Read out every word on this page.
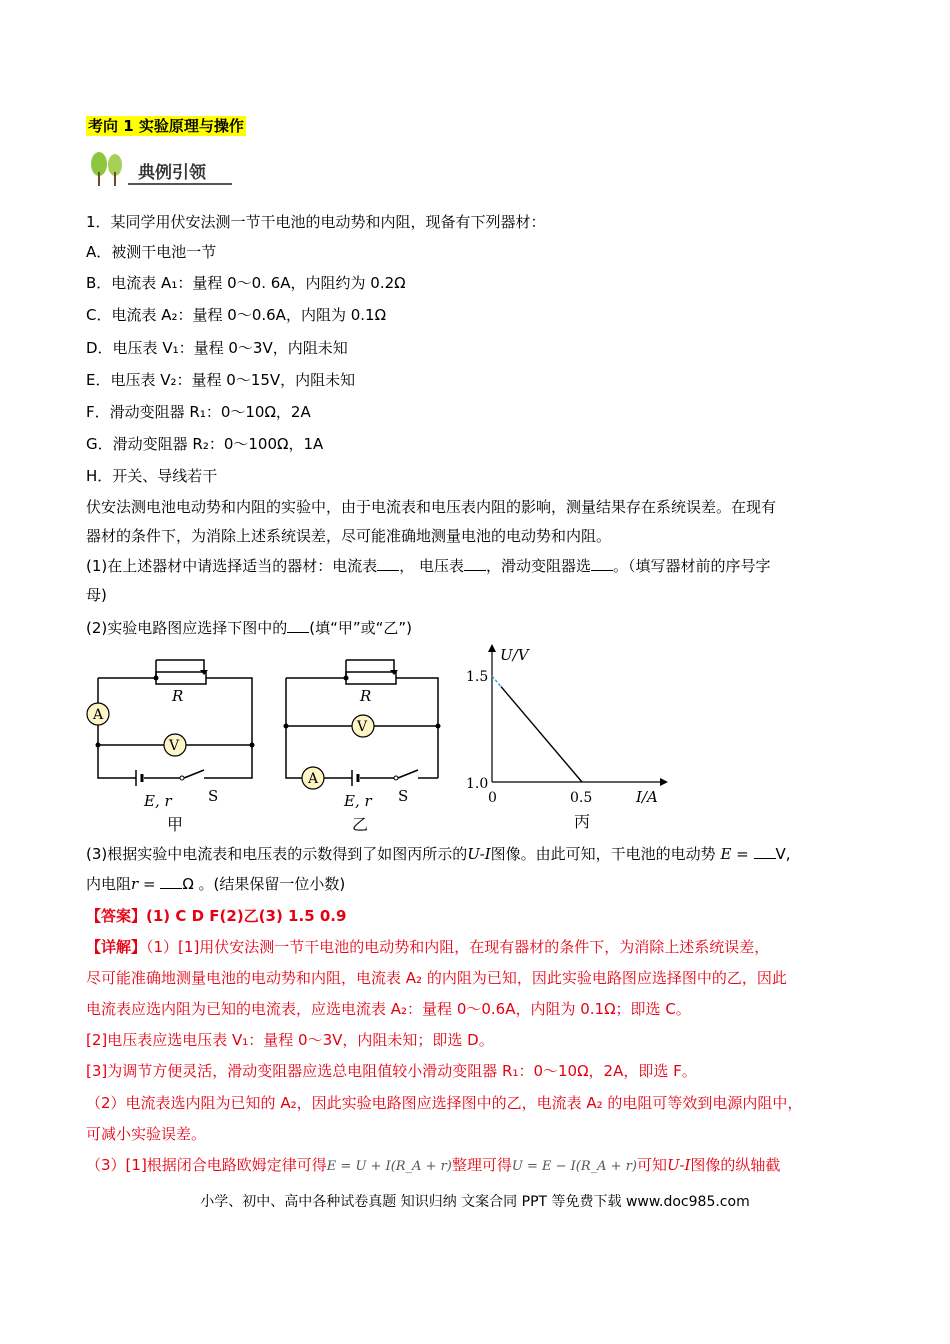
考向 1 实验原理与操作
典例引领
1．某同学用伏安法测一节干电池的电动势和内阻，现备有下列器材：
A．被测干电池一节
B．电流表 A₁：量程 0～0. 6A，内阻约为 0.2Ω
C．电流表 A₂：量程 0～0.6A，内阻为 0.1Ω
D．电压表 V₁：量程 0～3V，内阻未知
E．电压表 V₂：量程 0～15V，内阻未知
F．滑动变阻器 R₁：0～10Ω，2A
G．滑动变阻器 R₂：0～100Ω，1A
H．开关、导线若干
伏安法测电池电动势和内阻的实验中，由于电流表和电压表内阻的影响，测量结果存在系统误差。在现有
器材的条件下，为消除上述系统误差，尽可能准确地测量电池的电动势和内阻。
(1)在上述器材中请选择适当的器材：电流表 ， 电压表 ，滑动变阻器选 。（填写器材前的序号字
母)
(2)实验电路图应选择下图中的 (填“甲”或“乙”)
A
V
R
E, r S
甲
A
V
R
E, r S
乙
U/V
I/A
1.5
1.0
0	0.5
丙
(3)根据实验中电流表和电压表的示数得到了如图丙所示的U-I图像。由此可知，干电池的电动势 E = V,
内电阻r = Ω 。(结果保留一位小数)
【答案】(1) C D F(2)乙(3) 1.5 0.9
【详解】（1）[1]用伏安法测一节干电池的电动势和内阻，在现有器材的条件下，为消除上述系统误差，
尽可能准确地测量电池的电动势和内阻，电流表 A₂ 的内阻为已知，因此实验电路图应选择图中的乙，因此
电流表应选内阻为已知的电流表，应选电流表 A₂：量程 0～0.6A，内阻为 0.1Ω；即选 C。
[2]电压表应选电压表 V₁：量程 0～3V，内阻未知；即选 D。
[3]为调节方便灵活，滑动变阻器应选总电阻值较小滑动变阻器 R₁：0～10Ω，2A，即选 F。
（2）电流表选内阻为已知的 A₂，因此实验电路图应选择图中的乙，电流表 A₂ 的电阻可等效到电源内阻中，
可减小实验误差。
（3）[1]根据闭合电路欧姆定律可得E = U + I(R_A + r)整理可得U = E − I(R_A + r)可知U-I图像的纵轴截
小学、初中、高中各种试卷真题 知识归纳 文案合同 PPT 等免费下载 www.doc985.com
